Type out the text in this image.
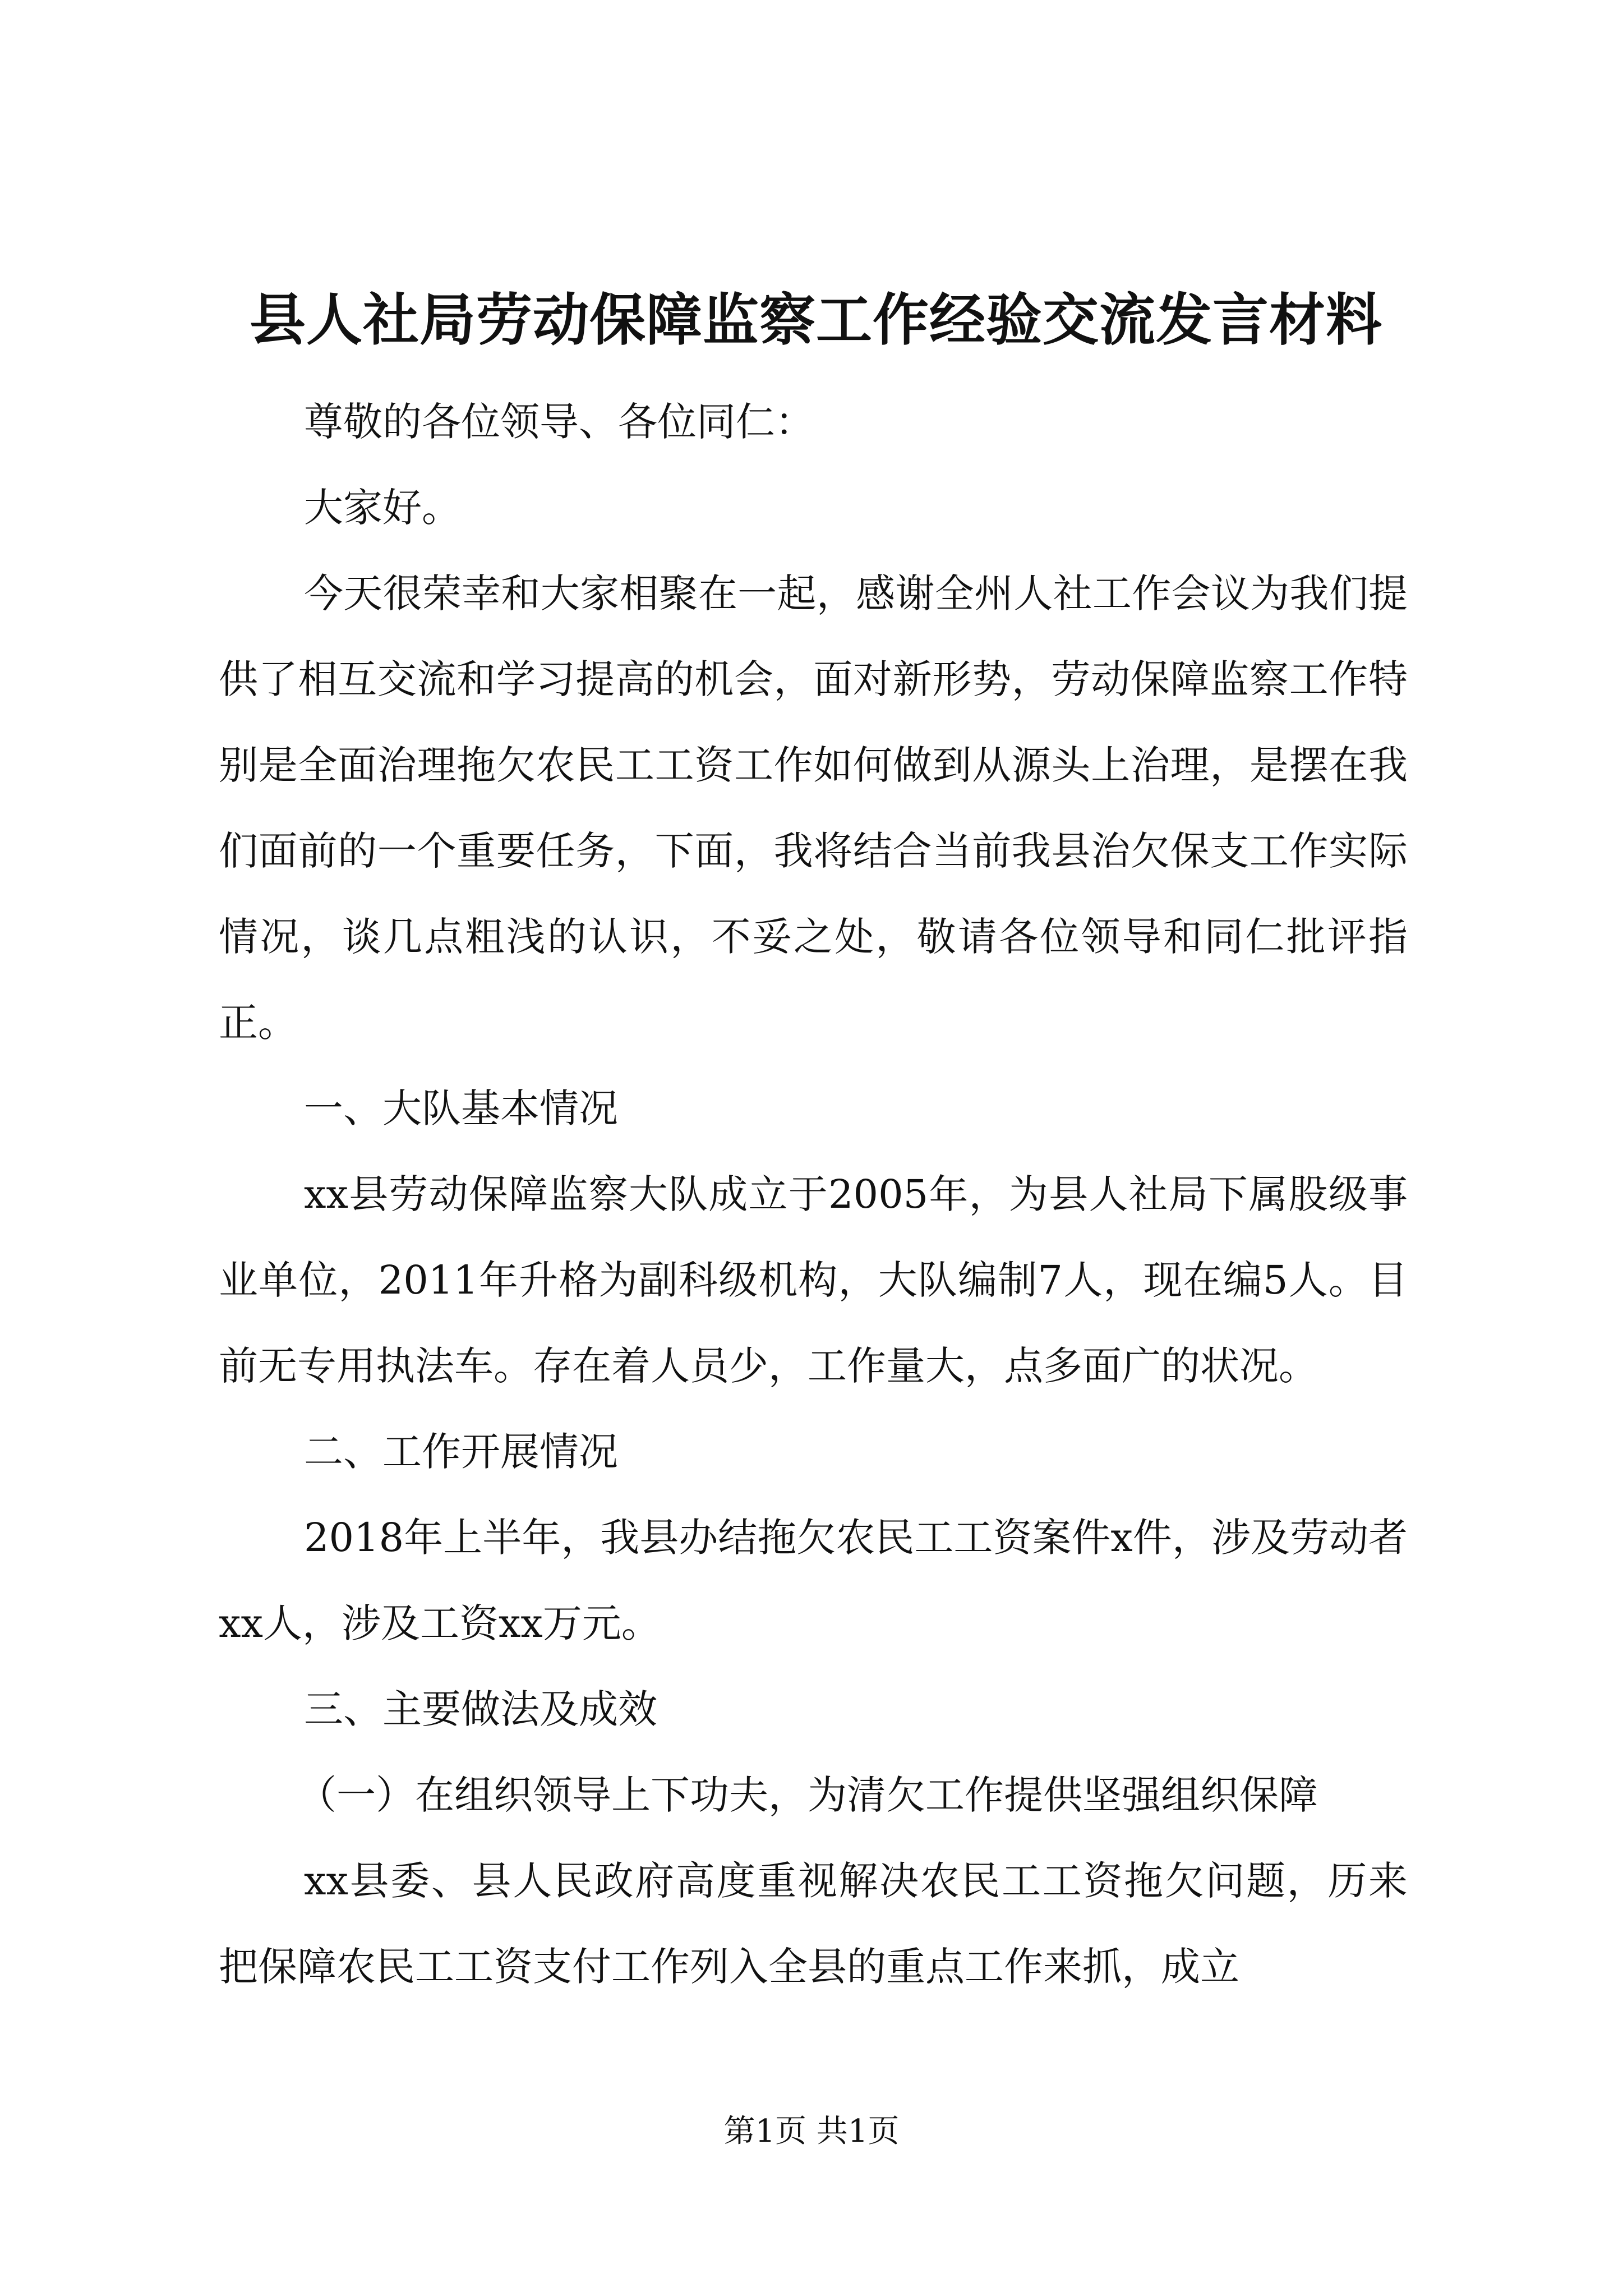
县人社局劳动保障监察工作经验交流发言材料

尊敬的各位领导、各位同仁：

大家好。

今天很荣幸和大家相聚在一起，感谢全州人社工作会议为我们提供了相互交流和学习提高的机会，面对新形势，劳动保障监察工作特别是全面治理拖欠农民工工资工作如何做到从源头上治理，是摆在我们面前的一个重要任务，下面，我将结合当前我县治欠保支工作实际情况，谈几点粗浅的认识，不妥之处，敬请各位领导和同仁批评指正。

一、大队基本情况

xx县劳动保障监察大队成立于2005年，为县人社局下属股级事业单位，2011年升格为副科级机构，大队编制7人，现在编5人。目前无专用执法车。存在着人员少，工作量大，点多面广的状况。

二、工作开展情况

2018年上半年，我县办结拖欠农民工工资案件x件，涉及劳动者xx人，涉及工资xx万元。

三、主要做法及成效

（一）在组织领导上下功夫，为清欠工作提供坚强组织保障

xx县委、县人民政府高度重视解决农民工工资拖欠问题，历来把保障农民工工资支付工作列入全县的重点工作来抓，成立

第1页 共1页
